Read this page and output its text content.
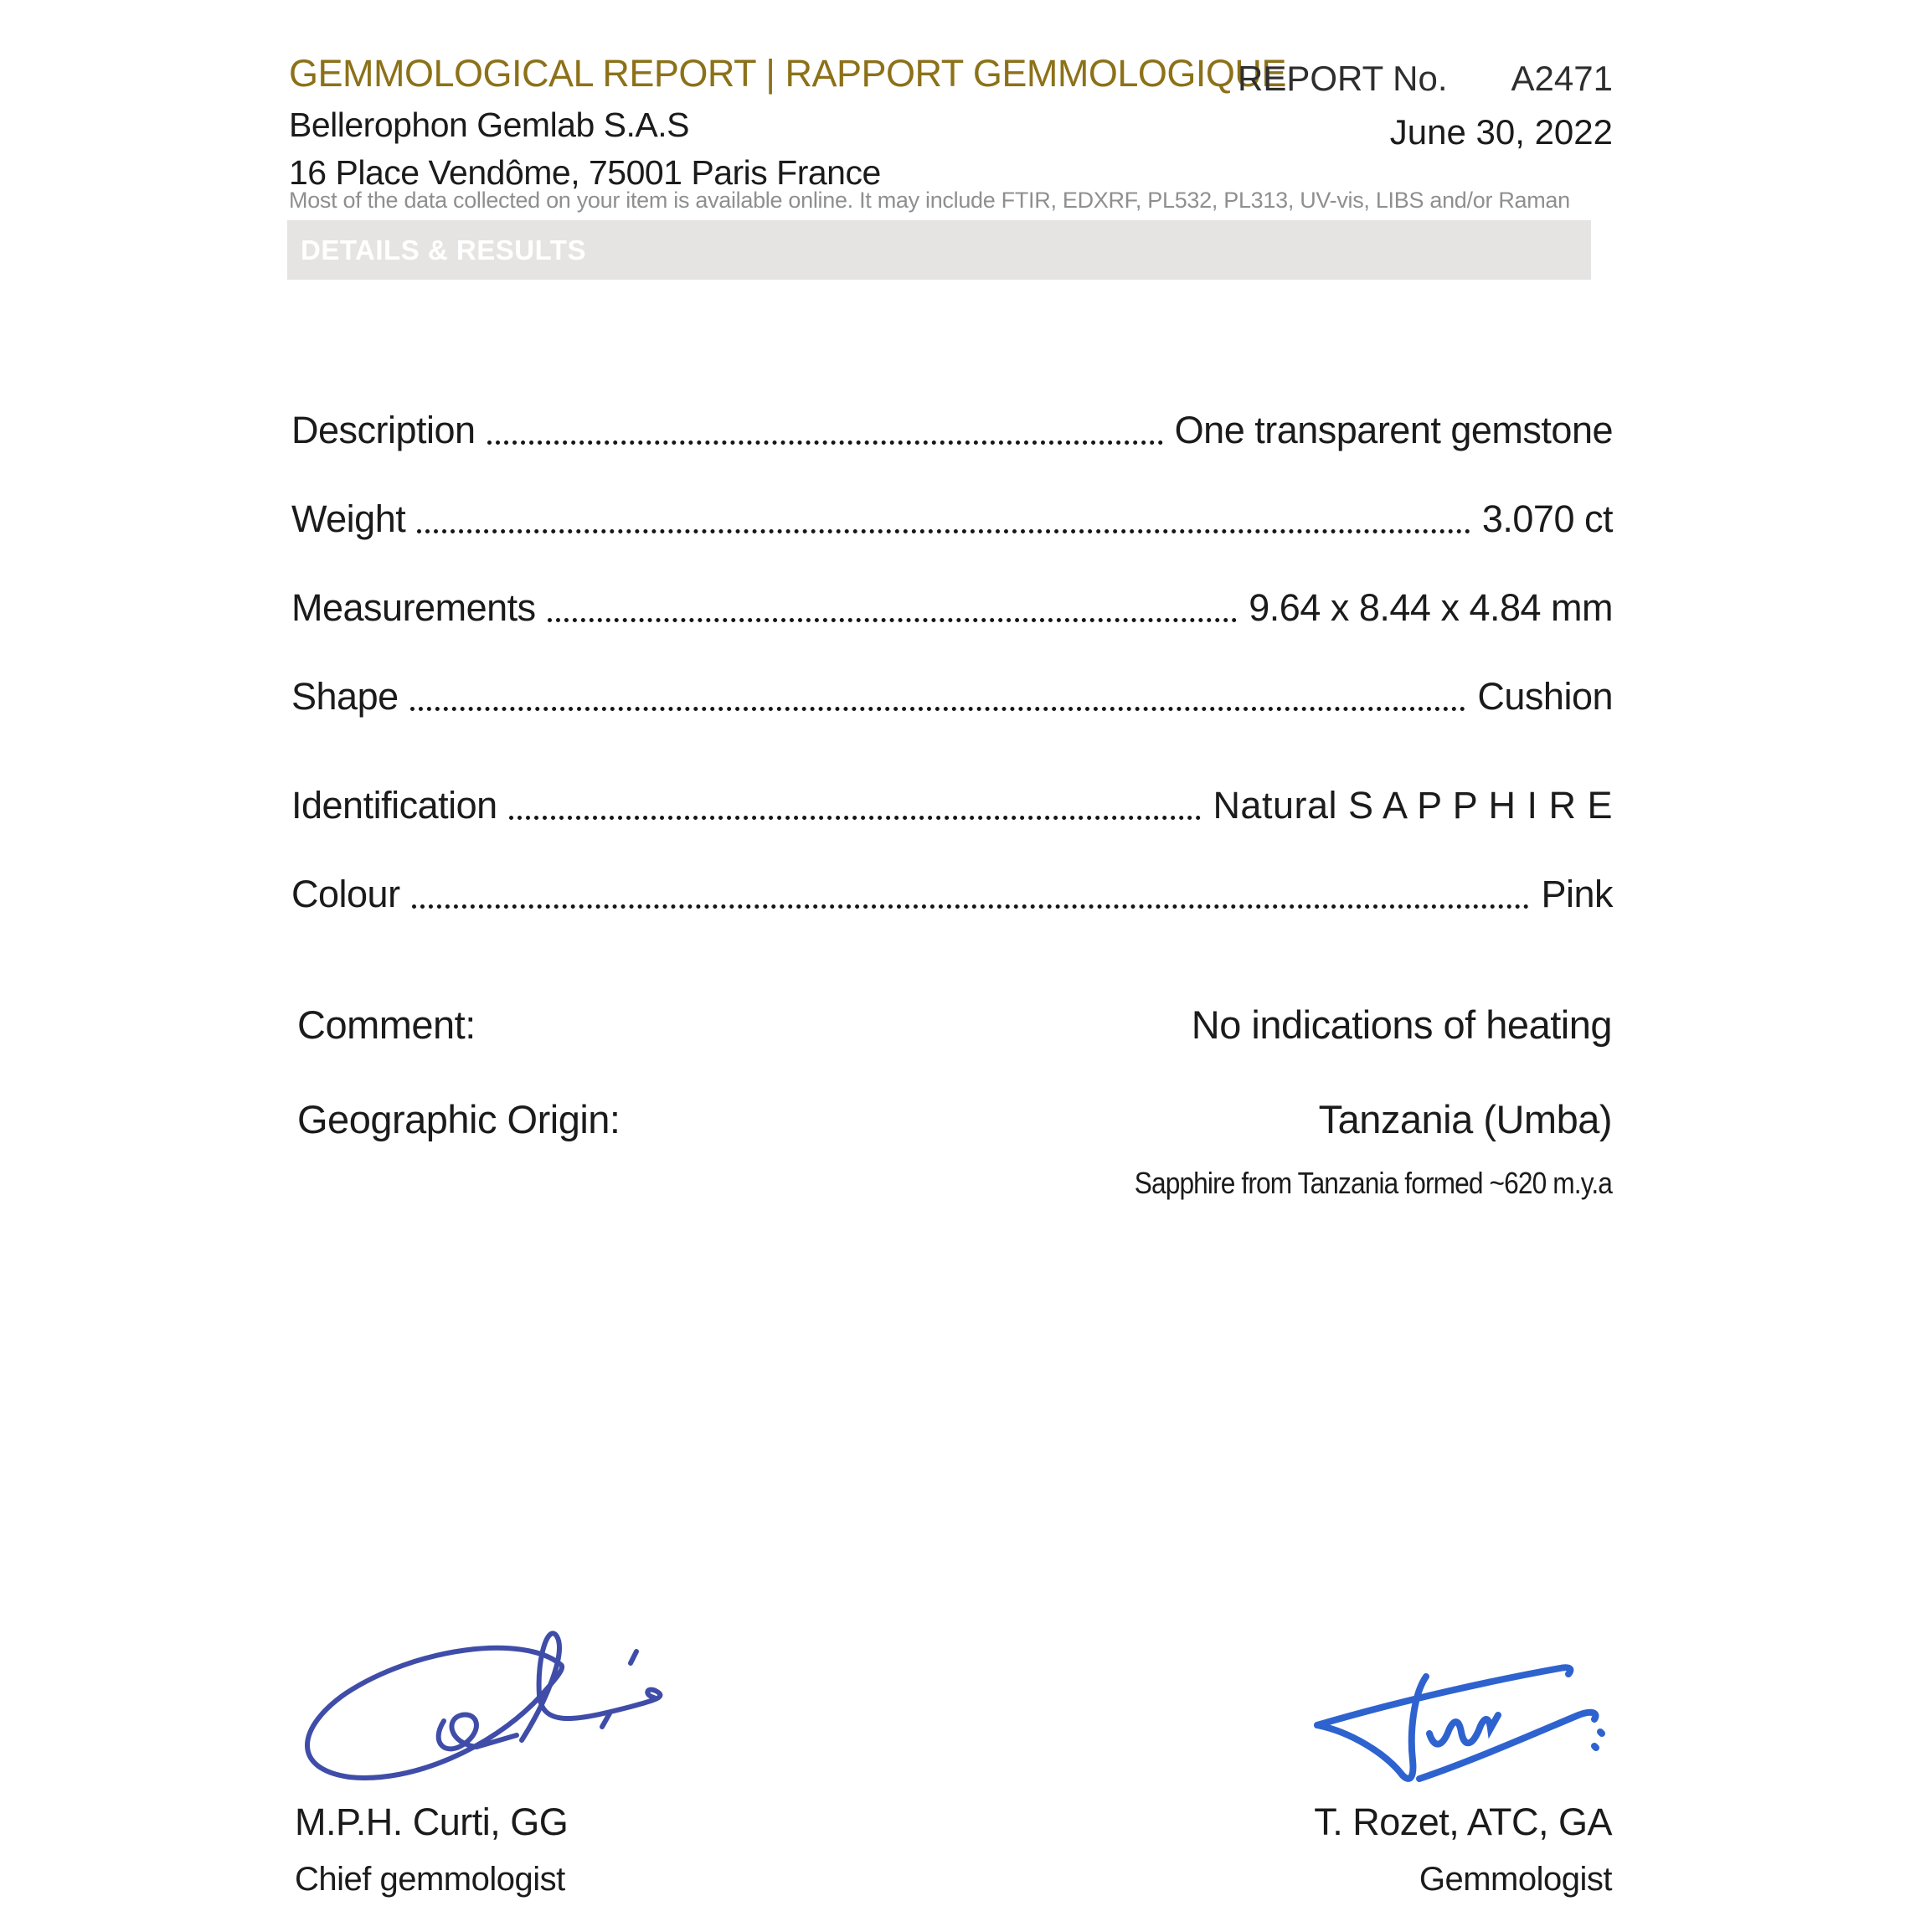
GEMMOLOGICAL REPORT | RAPPORT GEMMOLOGIQUE
Bellerophon Gemlab S.A.S
16 Place Vendôme, 75001 Paris France
REPORT No. A2471
June 30, 2022
Most of the data collected on your item is available online. It may include FTIR, EDXRF, PL532, PL313, UV-vis, LIBS and/or Raman
DETAILS & RESULTS
Description	One transparent gemstone
Weight	3.070 ct
Measurements	9.64 x 8.44 x 4.84 mm
Shape	Cushion
Identification	Natural S A P P H I R E
Colour	Pink
Comment:	No indications of heating
Geographic Origin:	Tanzania (Umba)
Sapphire from Tanzania formed ~620 m.y.a
M.P.H. Curti, GG
Chief gemmologist
T. Rozet, ATC, GA
Gemmologist
